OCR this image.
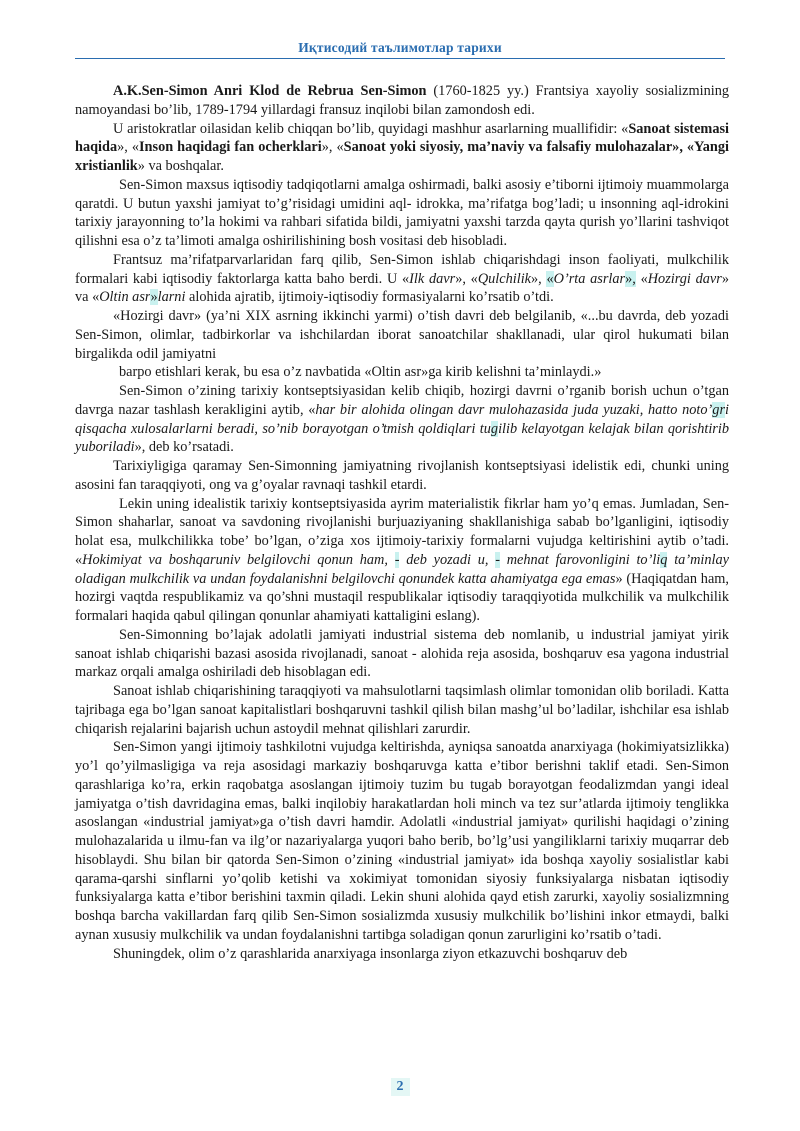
Иқтисодий таълимотлар тарихи

A.K.Sen-Simon Anri Klod de Rebrua Sen-Simon (1760-1825 yy.) Frantsiya xayoliy sosializmining namoyandasi bo’lib, 1789-1794 yillardagi fransuz inqilobi bilan zamondosh edi.

U aristokratlar oilasidan kelib chiqqan bo’lib, quyidagi mashhur asarlarning muallifidir: «Sanoat sistemasi haqida», «Inson haqidagi fan ocherklari», «Sanoat yoki siyosiy, ma’naviy va falsafiy mulohazalar», «Yangi xristianlik» va boshqalar.

Sen-Simon maxsus iqtisodiy tadqiqotlarni amalga oshirmadi, balki asosiy e’tiborni ijtimoiy muammolarga qaratdi. U butun yaxshi jamiyat to’g’risidagi umidini aql- idrokka, ma’rifatga bog’ladi; u insonning aql-idrokini tarixiy jarayonning to’la hokimi va rahbari sifatida bildi, jamiyatni yaxshi tarzda qayta qurish yo’llarini tashviqot qilishni esa o’z ta’limoti amalga oshirilishining bosh vositasi deb hisobladi.

Frantsuz ma’rifatparvarlaridan farq qilib, Sen-Simon ishlab chiqarishdagi inson faoliyati, mulkchilik formalari kabi iqtisodiy faktorlarga katta baho berdi. U «Ilk davr», «Qulchilik», «O’rta asrlar», «Hozirgi davr» va «Oltin asr»larni alohida ajratib, ijtimoiy-iqtisodiy formasiyalarni ko’rsatib o’tdi.

«Hozirgi davr» (ya’ni XIX asrning ikkinchi yarmi) o’tish davri deb belgilanib, «...bu davrda, deb yozadi Sen-Simon, olimlar, tadbirkorlar va ishchilardan iborat sanoatchilar shakllanadi, ular qirol hukumati bilan birgalikda odil jamiyatni

barpo etishlari kerak, bu esa o’z navbatida «Oltin asr»ga kirib kelishni ta’minlaydi.»

Sen-Simon o’zining tarixiy kontseptsiyasidan kelib chiqib, hozirgi davrni o’rganib borish uchun o’tgan davrga nazar tashlash kerakligini aytib, «har bir alohida olingan davr mulohazasida juda yuzaki, hatto noto’gri qisqacha xulosalarlarni beradi, so’nib borayotgan o’tmish qoldiqlari tugilib kelayotgan kelajak bilan qorishtirib yuboriladi», deb ko’rsatadi.

Tarixiyligiga qaramay Sen-Simonning jamiyatning rivojlanish kontseptsiyasi idelistik edi, chunki uning asosini fan taraqqiyoti, ong va g’oyalar ravnaqi tashkil etardi.

Lekin uning idealistik tarixiy kontseptsiyasida ayrim materialistik fikrlar ham yo’q emas. Jumladan, Sen-Simon shaharlar, sanoat va savdoning rivojlanishi burjuaziyaning shakllanishiga sabab bo’lganligini, iqtisodiy holat esa, mulkchilikka tobe’ bo’lgan, o’ziga xos ijtimoiy-tarixiy formalarni vujudga keltirishini aytib o’tadi. «Hokimiyat va boshqaruniv belgilovchi qonun ham, - deb yozadi u, - mehnat farovonligini to’liq ta’minlay oladigan mulkchilik va undan foydalanishni belgilovchi qonundek katta ahamiyatga ega emas» (Haqiqatdan ham, hozirgi vaqtda respublikamiz va qo’shni mustaqil respublikalar iqtisodiy taraqqiyotida mulkchilik va mulkchilik formalari haqida qabul qilingan qonunlar ahamiyati kattaligini eslang).

Sen-Simonning bo’lajak adolatli jamiyati industrial sistema deb nomlanib, u industrial jamiyat yirik sanoat ishlab chiqarishi bazasi asosida rivojlanadi, sanoat - alohida reja asosida, boshqaruv esa yagona industrial markaz orqali amalga oshiriladi deb hisoblagan edi.

Sanoat ishlab chiqarishining taraqqiyoti va mahsulotlarni taqsimlash olimlar tomonidan olib boriladi. Katta tajribaga ega bo’lgan sanoat kapitalistlari boshqaruvni tashkil qilish bilan mashg’ul bo’ladilar, ishchilar esa ishlab chiqarish rejalarini bajarish uchun astoydil mehnat qilishlari zarurdir.

Sen-Simon yangi ijtimoiy tashkilotni vujudga keltirishda, ayniqsa sanoatda anarxiyaga (hokimiyatsizlikka) yo’l qo’yilmasligiga va reja asosidagi markaziy boshqaruvga katta e’tibor berishni taklif etadi. Sen-Simon qarashlariga ko’ra, erkin raqobatga asoslangan ijtimoiy tuzim bu tugab borayotgan feodalizmdan yangi ideal jamiyatga o’tish davridagina emas, balki inqilobiy harakatlardan holi minch va tez sur’atlarda ijtimoiy tenglikka asoslangan «industrial jamiyat»ga o’tish davri hamdir. Adolatli «industrial jamiyat» qurilishi haqidagi o’zining mulohazalarida u ilmu-fan va ilg’or nazariyalarga yuqori baho berib, bo’lg’usi yangiliklarni tarixiy muqarrar deb hisoblaydi. Shu bilan bir qatorda Sen-Simon o’zining «industrial jamiyat» ida boshqa xayoliy sosialistlar kabi qarama-qarshi sinflarni yo’qolib ketishi va xokimiyat tomonidan siyosiy funksiyalarga nisbatan iqtisodiy funksiyalarga katta e’tibor berishini taxmin qiladi. Lekin shuni alohida qayd etish zarurki, xayoliy sosializmning boshqa barcha vakillardan farq qilib Sen-Simon sosializmda xususiy mulkchilik bo’lishini inkor etmaydi, balki aynan xususiy mulkchilik va undan foydalanishni tartibga soladigan qonun zarurligini ko’rsatib o’tadi.

Shuningdek, olim o’z qarashlarida anarxiyaga insonlarga ziyon etkazuvchi boshqaruv deb

2
